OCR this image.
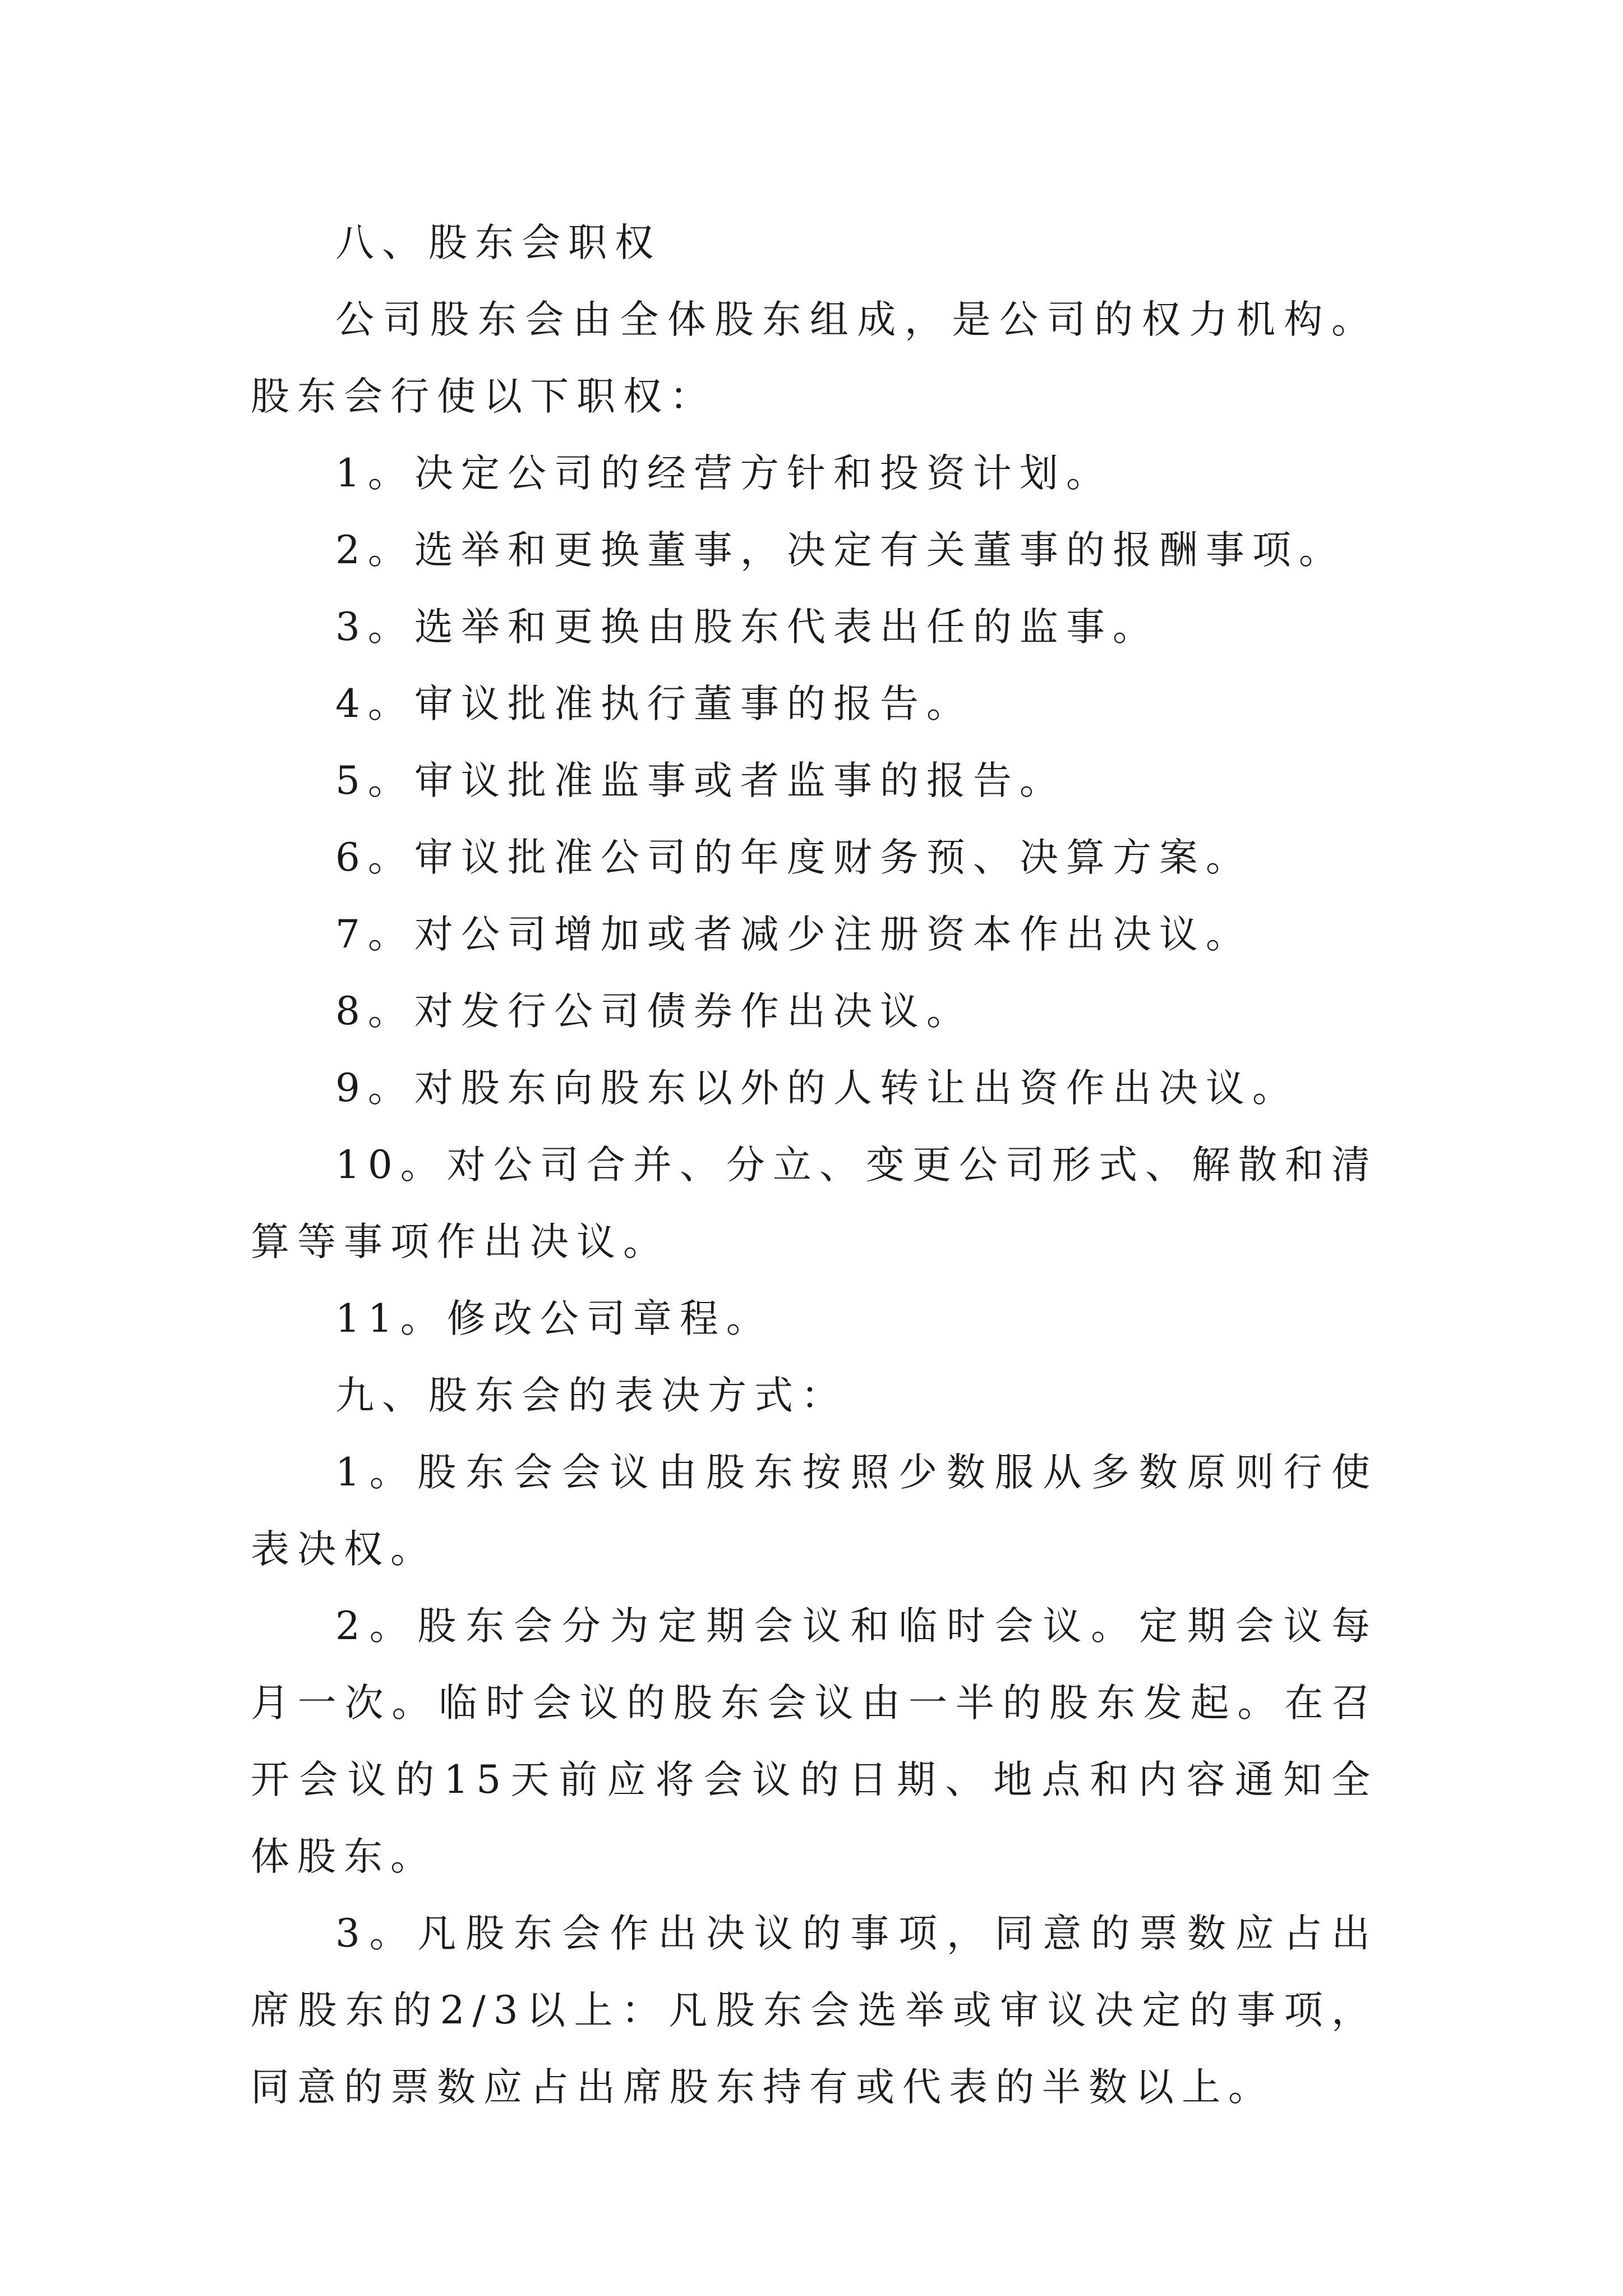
八、股东会职权

公司股东会由全体股东组成，是公司的权力机构。股东会行使以下职权：

1。决定公司的经营方针和投资计划。

2。选举和更换董事，决定有关董事的报酬事项。

3。选举和更换由股东代表出任的监事。

4。审议批准执行董事的报告。

5。审议批准监事或者监事的报告。

6。审议批准公司的年度财务预、决算方案。

7。对公司增加或者减少注册资本作出决议。

8。对发行公司债券作出决议。

9。对股东向股东以外的人转让出资作出决议。

10。对公司合并、分立、变更公司形式、解散和清算等事项作出决议。

11。修改公司章程。

九、股东会的表决方式：

1。股东会会议由股东按照少数服从多数原则行使表决权。

2。股东会分为定期会议和临时会议。定期会议每月一次。临时会议的股东会议由一半的股东发起。在召开会议的15天前应将会议的日期、地点和内容通知全体股东。

3。凡股东会作出决议的事项，同意的票数应占出席股东的2/3以上：凡股东会选举或审议决定的事项，同意的票数应占出席股东持有或代表的半数以上。
